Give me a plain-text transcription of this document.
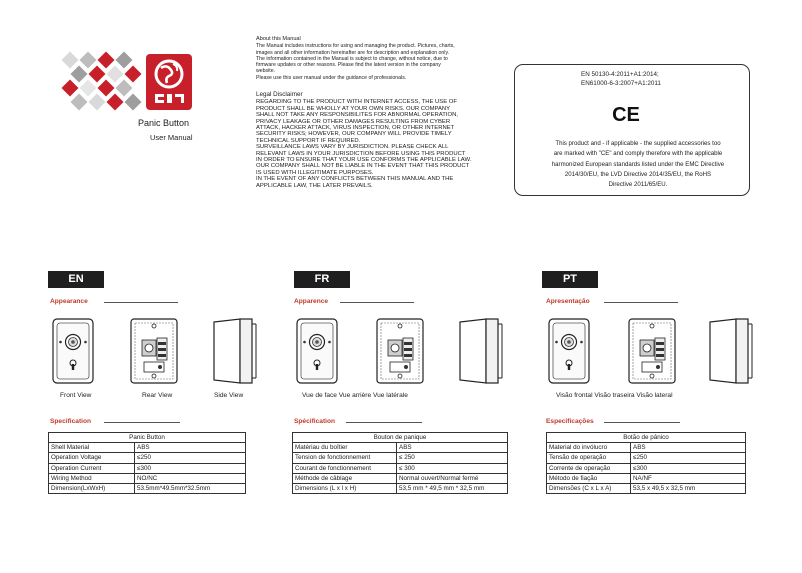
Panic Button
User Manual
About this Manual
The Manual includes instructions for using and managing the product. Pictures, charts,
images and all other information hereinafter are for description and explanation only.
The information contained in the Manual is subject to change, without notice, due to
firmware updates or other reasons. Please find the latest version in the company
website.
Please use this user manual under the guidance of professionals.
Legal Disclaimer
REGARDING TO THE PRODUCT WITH INTERNET ACCESS, THE USE OF
PRODUCT SHALL BE WHOLLY AT YOUR OWN RISKS. OUR COMPANY
SHALL NOT TAKE ANY RESPONSIBILITES FOR ABNORMAL OPERATION,
PRIVACY LEAKAGE OR OTHER DAMAGES RESULTING FROM CYBER
ATTACK, HACKER ATTACK, VIRUS INSPECTION, OR OTHER INTERNET
SECURITY RISKS; HOWEVER, OUR COMPANY WILL PROVIDE TIMELY
TECHNICAL SUPPORT IF REQUIRED.
SURVEILLANCE LAWS VARY BY JURISDICTION. PLEASE CHECK ALL
RELEVANT LAWS IN YOUR JURISDICTION BEFORE USING THIS PRODUCT
IN ORDER TO ENSURE THAT YOUR USE CONFORMS THE APPLICABLE LAW.
OUR COMPANY SHALL NOT BE LIABLE IN THE EVENT THAT THIS PRODUCT
IS USED WITH ILLEGITIMATE PURPOSES.
IN THE EVENT OF ANY CONFLICTS BETWEEN THIS MANUAL AND THE
APPLICABLE LAW, THE LATER PREVAILS.
EN 50130-4:2011+A1:2014;
EN61000-6-3:2007+A1:2011
CE
This product and - if applicable - the supplied accessories too
are marked with "CE" and comply therefore with the applicable
harmonized European standards listed under the EMC Directive
2014/30/EU, the LVD Directive 2014/35/EU, the RoHS
Directive 2011/65/EU.
EN
Appearance
Front View	Rear View	Side View
Specification
Panic Button	
Shell Material	ABS
Operation Voltage	≤250
Operation Current	≤300
Wiring Method	NO/NC
Dimension(LxWxH)	53.5mm*49.5mm*32.5mm
FR
Apparence
Vue de face Vue arrière Vue latérale
Spécification
Bouton de panique	
Matériau du boîtier	ABS
Tension de fonctionnement	≤ 250
Courant de fonctionnement	≤ 300
Méthode de câblage	Normal ouvert/Normal fermé
Dimensions (L x l x H)	53,5 mm * 49,5 mm * 32,5 mm
PT
Apresentação
Visão frontal Visão traseira Visão lateral
Especificações
Botão de pânico	
Material do invólucro	ABS
Tensão de operação	≤250
Corrente de operação	≤300
Método de fiação	NA/NF
Dimensões (C x L x A)	53,5 x 49,5 x 32,5 mm
